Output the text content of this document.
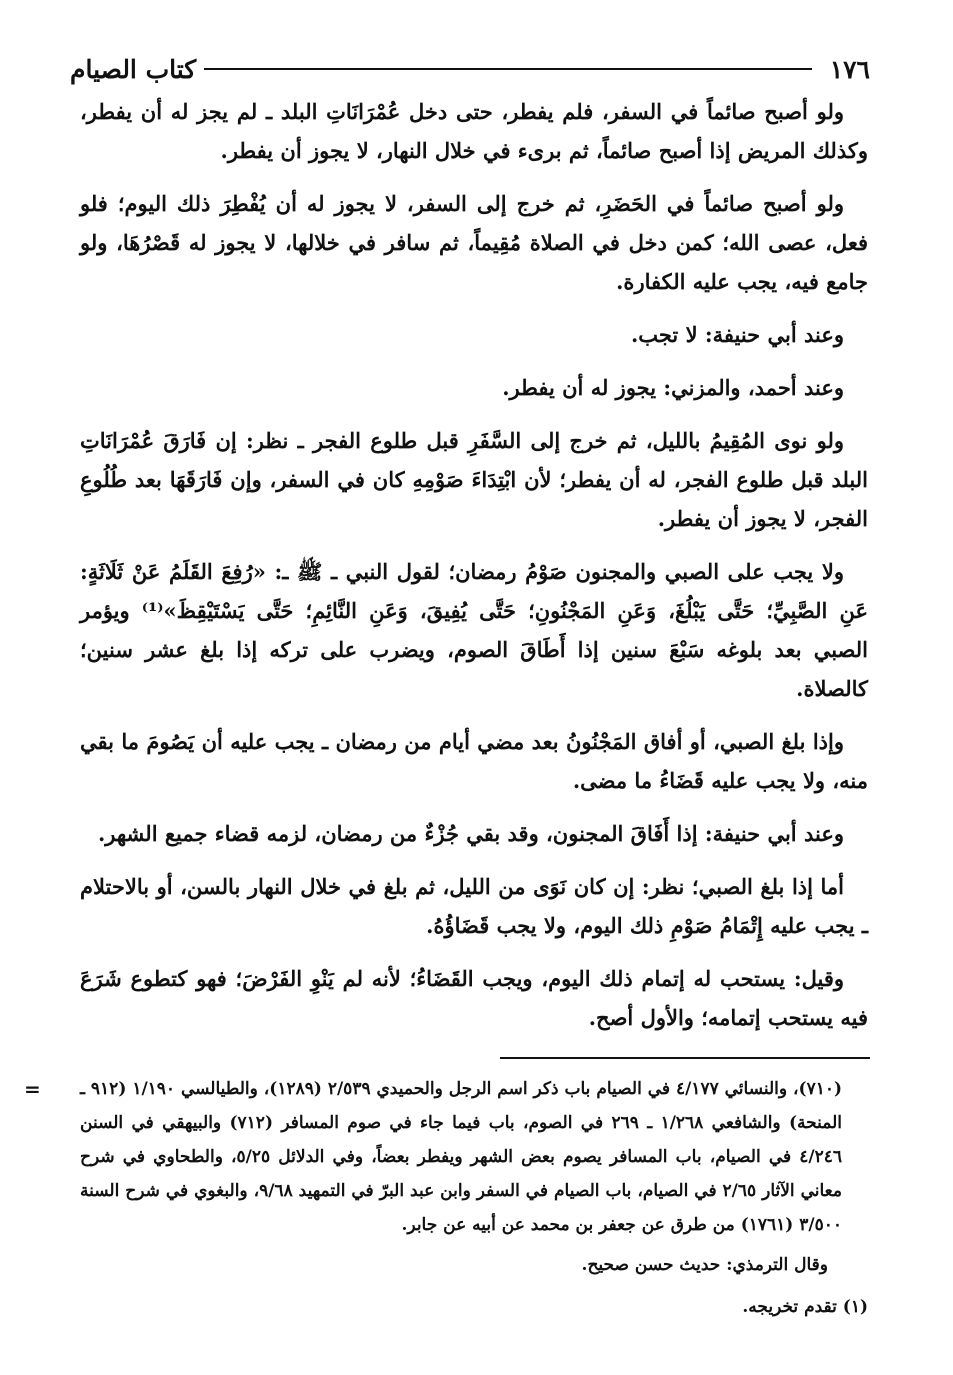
١٧٦
كتاب الصيام

ولو أصبح صائماً في السفر، فلم يفطر، حتى دخل عُمْرَانَاتِ البلد ـ لم يجز له أن يفطر، وكذلك المريض إذا أصبح صائماً، ثم برىء في خلال النهار، لا يجوز أن يفطر.

ولو أصبح صائماً في الحَضَرِ، ثم خرج إلى السفر، لا يجوز له أن يُفْطِرَ ذلك اليوم؛ فلو فعل، عصى الله؛ كمن دخل في الصلاة مُقِيماً، ثم سافر في خلالها، لا يجوز له قَصْرُهَا، ولو جامع فيه، يجب عليه الكفارة.

وعند أبي حنيفة: لا تجب.

وعند أحمد، والمزني: يجوز له أن يفطر.

ولو نوى المُقِيمُ بالليل، ثم خرج إلى السَّفَرِ قبل طلوع الفجر ـ نظر: إن فَارَقَ عُمْرَانَاتِ البلد قبل طلوع الفجر، له أن يفطر؛ لأن ابْتِدَاءَ صَوْمِهِ كان في السفر، وإن فَارَقَهَا بعد طُلُوعِ الفجر، لا يجوز أن يفطر.

ولا يجب على الصبي والمجنون صَوْمُ رمضان؛ لقول النبي ـ ﷺ ـ: «رُفِعَ القَلَمُ عَنْ ثَلَاثَةٍ: عَنِ الصَّبِيِّ؛ حَتَّى يَبْلُغَ، وَعَنِ المَجْنُونِ؛ حَتَّى يُفِيقَ، وَعَنِ النَّائِمِ؛ حَتَّى يَسْتَيْقِظَ»⁽¹⁾ ويؤمر الصبي بعد بلوغه سَبْعَ سنين إذا أَطَاقَ الصوم، ويضرب على تركه إذا بلغ عشر سنين؛ كالصلاة.

وإذا بلغ الصبي، أو أفاق المَجْنُونُ بعد مضي أيام من رمضان ـ يجب عليه أن يَصُومَ ما بقي منه، ولا يجب عليه قَضَاءُ ما مضى.

وعند أبي حنيفة: إذا أَفَاقَ المجنون، وقد بقي جُزْءٌ من رمضان، لزمه قضاء جميع الشهر.

أما إذا بلغ الصبي؛ نظر: إن كان نَوَى من الليل، ثم بلغ في خلال النهار بالسن، أو بالاحتلام ـ يجب عليه إِتْمَامُ صَوْمِ ذلك اليوم، ولا يجب قَضَاؤُهُ.

وقيل: يستحب له إتمام ذلك اليوم، ويجب القَضَاءُ؛ لأنه لم يَنْوِ الفَرْضَ؛ فهو كتطوع شَرَعَ فيه يستحب إتمامه؛ والأول أصح.

= (٧١٠)، والنسائي ٤/١٧٧ في الصيام باب ذكر اسم الرجل والحميدي ٢/٥٣٩ (١٢٨٩)، والطيالسي ١/١٩٠ (٩١٢ ـ المنحة) والشافعي ١/٢٦٨ ـ ٢٦٩ في الصوم، باب فيما جاء في صوم المسافر (٧١٢) والبيهقي في السنن ٤/٢٤٦ في الصيام، باب المسافر يصوم بعض الشهر ويفطر بعضاً، وفي الدلائل ٥/٢٥، والطحاوي في شرح معاني الآثار ٢/٦٥ في الصيام، باب الصيام في السفر وابن عبد البرّ في التمهيد ٩/٦٨، والبغوي في شرح السنة ٣/٥٠٠ (١٧٦١) من طرق عن جعفر بن محمد عن أبيه عن جابر.

وقال الترمذي: حديث حسن صحيح.

(١) تقدم تخريجه.
